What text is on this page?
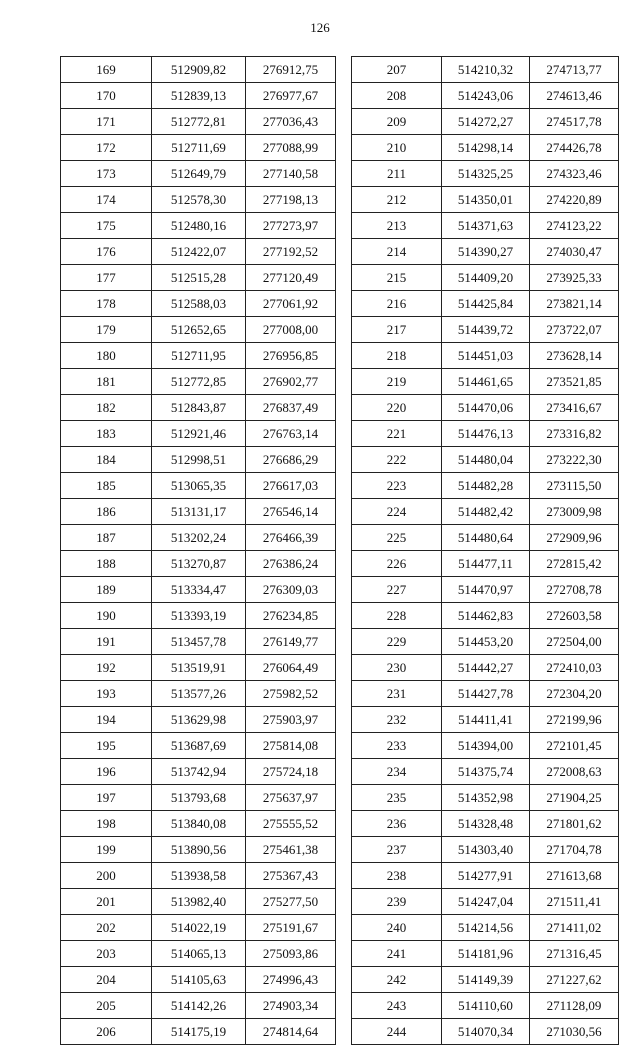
126
169	512909,82	276912,75
170	512839,13	276977,67
171	512772,81	277036,43
172	512711,69	277088,99
173	512649,79	277140,58
174	512578,30	277198,13
175	512480,16	277273,97
176	512422,07	277192,52
177	512515,28	277120,49
178	512588,03	277061,92
179	512652,65	277008,00
180	512711,95	276956,85
181	512772,85	276902,77
182	512843,87	276837,49
183	512921,46	276763,14
184	512998,51	276686,29
185	513065,35	276617,03
186	513131,17	276546,14
187	513202,24	276466,39
188	513270,87	276386,24
189	513334,47	276309,03
190	513393,19	276234,85
191	513457,78	276149,77
192	513519,91	276064,49
193	513577,26	275982,52
194	513629,98	275903,97
195	513687,69	275814,08
196	513742,94	275724,18
197	513793,68	275637,97
198	513840,08	275555,52
199	513890,56	275461,38
200	513938,58	275367,43
201	513982,40	275277,50
202	514022,19	275191,67
203	514065,13	275093,86
204	514105,63	274996,43
205	514142,26	274903,34
206	514175,19	274814,64
207	514210,32	274713,77
208	514243,06	274613,46
209	514272,27	274517,78
210	514298,14	274426,78
211	514325,25	274323,46
212	514350,01	274220,89
213	514371,63	274123,22
214	514390,27	274030,47
215	514409,20	273925,33
216	514425,84	273821,14
217	514439,72	273722,07
218	514451,03	273628,14
219	514461,65	273521,85
220	514470,06	273416,67
221	514476,13	273316,82
222	514480,04	273222,30
223	514482,28	273115,50
224	514482,42	273009,98
225	514480,64	272909,96
226	514477,11	272815,42
227	514470,97	272708,78
228	514462,83	272603,58
229	514453,20	272504,00
230	514442,27	272410,03
231	514427,78	272304,20
232	514411,41	272199,96
233	514394,00	272101,45
234	514375,74	272008,63
235	514352,98	271904,25
236	514328,48	271801,62
237	514303,40	271704,78
238	514277,91	271613,68
239	514247,04	271511,41
240	514214,56	271411,02
241	514181,96	271316,45
242	514149,39	271227,62
243	514110,60	271128,09
244	514070,34	271030,56
